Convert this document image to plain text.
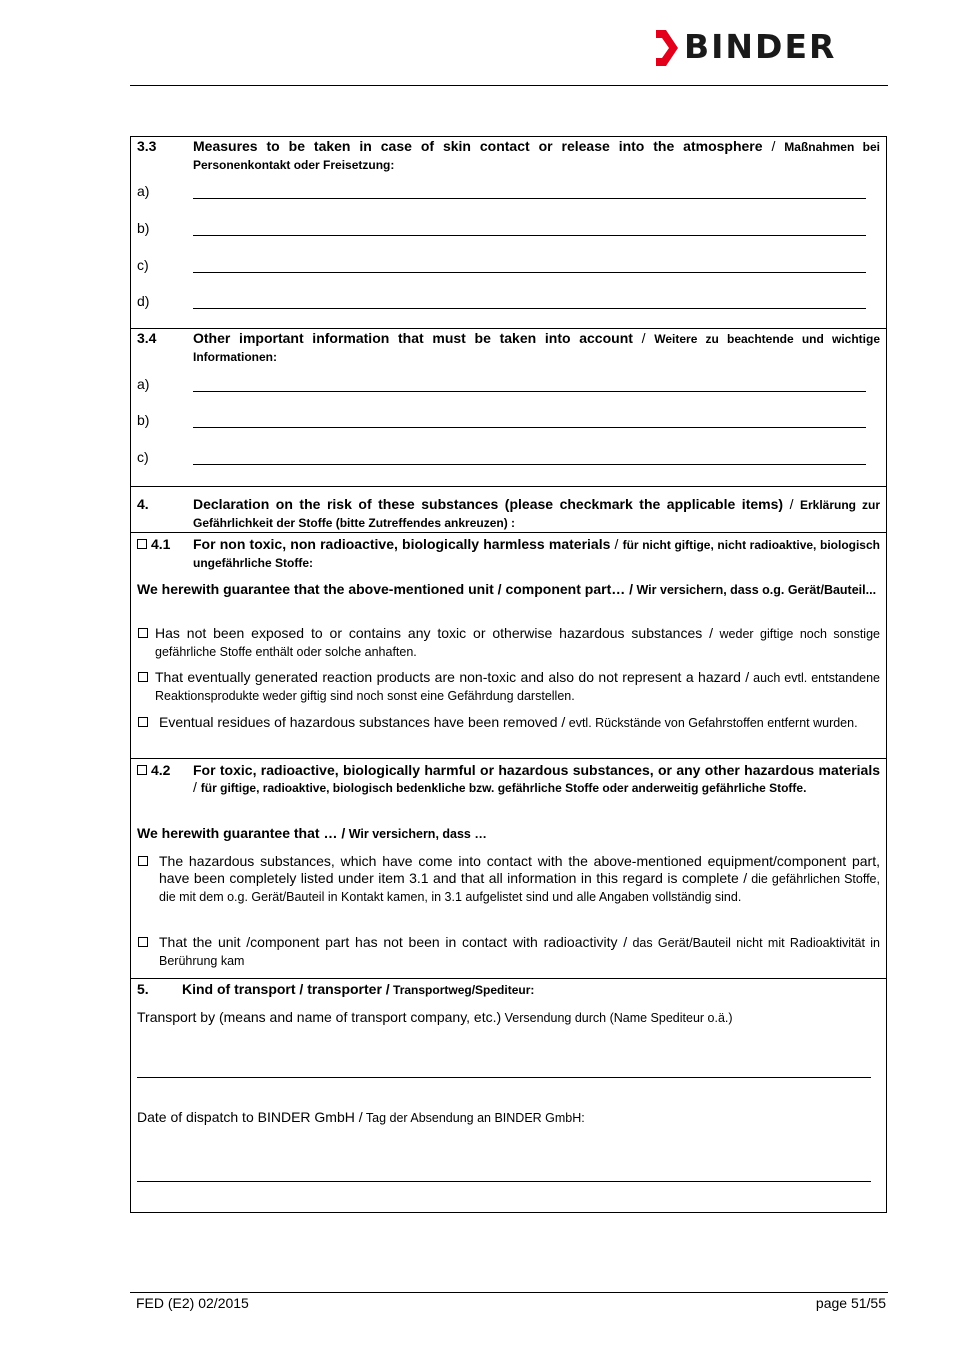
BINDER
3.3	Measures to be taken in case of skin contact or release into the atmosphere / Maßnahmen bei Personenkontakt oder Freisetzung:
a)
b)
c)
d)
3.4	Other important information that must be taken into account / Weitere zu beachtende und wichtige Informationen:
a)
b)
c)
4.	Declaration on the risk of these substances (please checkmark the applicable items) / Erklärung zur Gefährlichkeit der Stoffe (bitte Zutreffendes ankreuzen) :
4.1 For non toxic, non radioactive, biologically harmless materials / für nicht giftige, nicht radioaktive, biologisch ungefährliche Stoffe:
We herewith guarantee that the above-mentioned unit / component part… / Wir versichern, dass o.g. Gerät/Bauteil...
Has not been exposed to or contains any toxic or otherwise hazardous substances / weder giftige noch sonstige gefährliche Stoffe enthält oder solche anhaften.
That eventually generated reaction products are non-toxic and also do not represent a hazard / auch evtl. entstandene Reaktionsprodukte weder giftig sind noch sonst eine Gefährdung darstellen.
Eventual residues of hazardous substances have been removed / evtl. Rückstände von Gefahrstoffen entfernt wurden.
4.2 For toxic, radioactive, biologically harmful or hazardous substances, or any other hazardous materials / für giftige, radioaktive, biologisch bedenkliche bzw. gefährliche Stoffe oder anderweitig gefährliche Stoffe.
We herewith guarantee that … / Wir versichern, dass …
The hazardous substances, which have come into contact with the above-mentioned equipment/component part, have been completely listed under item 3.1 and that all information in this regard is complete / die gefährlichen Stoffe, die mit dem o.g. Gerät/Bauteil in Kontakt kamen, in 3.1 aufgelistet sind und alle Angaben vollständig sind.
That the unit /component part has not been in contact with radioactivity / das Gerät/Bauteil nicht mit Radioaktivität in Berührung kam
5. Kind of transport / transporter / Transportweg/Spediteur:
Transport by (means and name of transport company, etc.) Versendung durch (Name Spediteur o.ä.)
Date of dispatch to BINDER GmbH / Tag der Absendung an BINDER GmbH:
FED (E2) 02/2015	page 51/55
